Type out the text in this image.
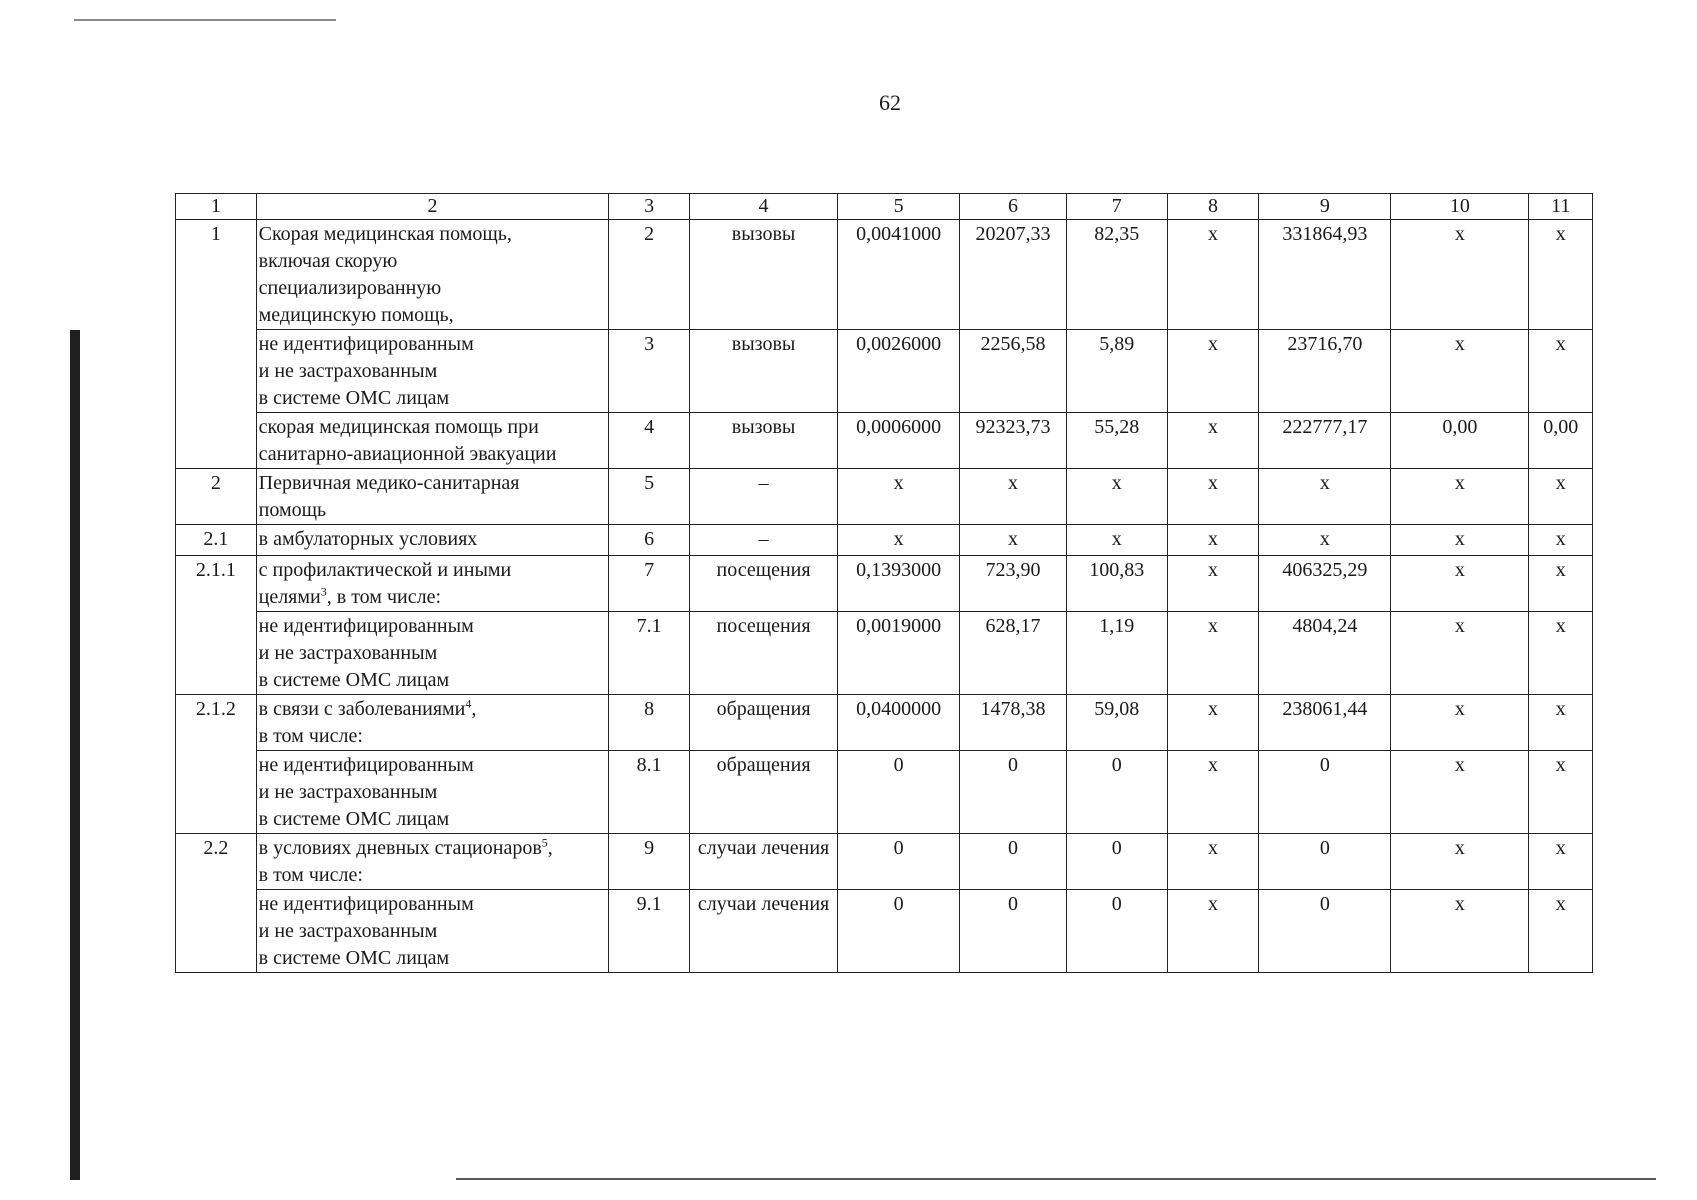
62
1	2	3	4	5	6	7	8	9	10	11
1	Скорая медицинская помощь,
включая скорую
специализированную
медицинскую помощь,	2	вызовы	0,0041000	20207,33	82,35	х	331864,93	х	х
	не идентифицированным
и не застрахованным
в системе ОМС лицам	3	вызовы	0,0026000	2256,58	5,89	х	23716,70	х	х
	скорая медицинская помощь при
санитарно-авиационной эвакуации	4	вызовы	0,0006000	92323,73	55,28	х	222777,17	0,00	0,00
2	Первичная медико-санитарная
помощь	5	–	х	х	х	х	х	х	х
2.1	в амбулаторных условиях	6	–	х	х	х	х	х	х	х
2.1.1	с профилактической и иными
целями$^3$, в том числе:	7	посещения	0,1393000	723,90	100,83	х	406325,29	х	х
	не идентифицированным
и не застрахованным
в системе ОМС лицам	7.1	посещения	0,0019000	628,17	1,19	х	4804,24	х	х
2.1.2	в связи с заболеваниями$^4$,
в том числе:	8	обращения	0,0400000	1478,38	59,08	х	238061,44	х	х
	не идентифицированным
и не застрахованным
в системе ОМС лицам	8.1	обращения	0	0	0	х	0	х	х
2.2	в условиях дневных стационаров$^5$,
в том числе:	9	случаи лечения	0	0	0	х	0	х	х
	не идентифицированным
и не застрахованным
в системе ОМС лицам	9.1	случаи лечения	0	0	0	х	0	х	х
